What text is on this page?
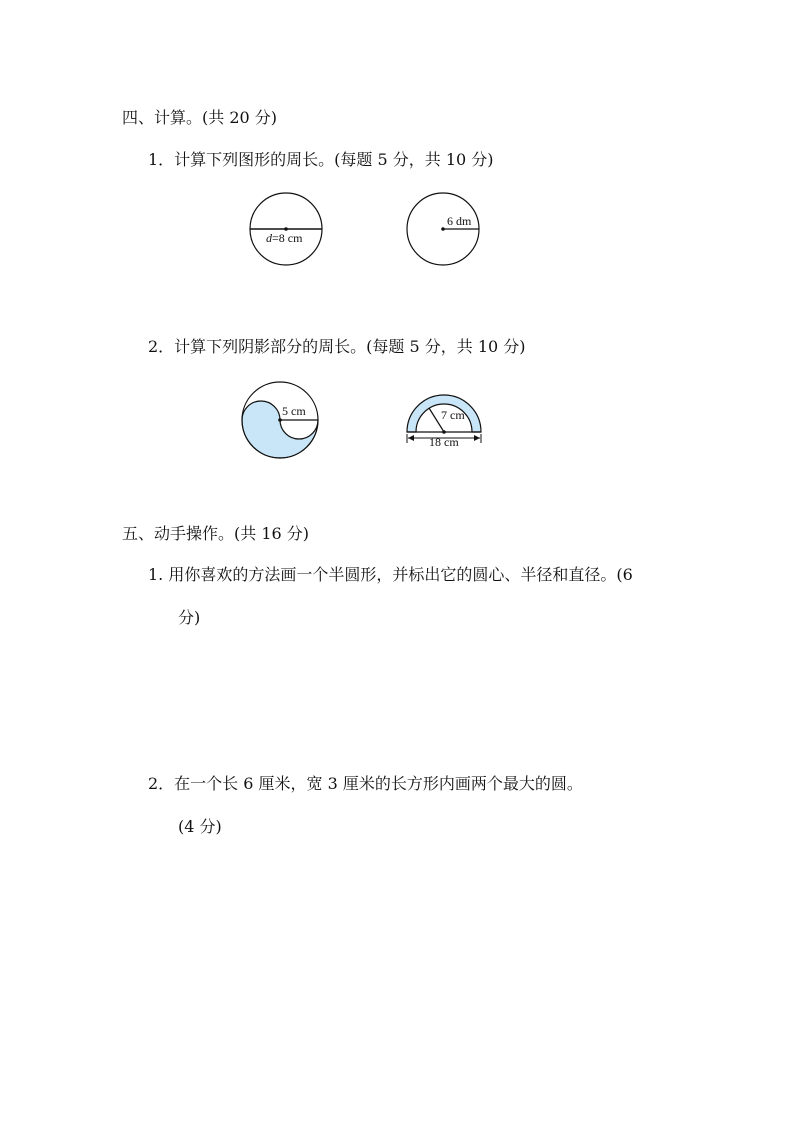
四、计算。(共 20 分)
1．计算下列图形的周长。(每题 5 分，共 10 分)
d=8 cm
6 dm
2．计算下列阴影部分的周长。(每题 5 分，共 10 分)
5 cm	7 cm
18 cm
五、动手操作。(共 16 分)
1. 用你喜欢的方法画一个半圆形，并标出它的圆心、半径和直径。(6
分)
2．在一个长 6 厘米，宽 3 厘米的长方形内画两个最大的圆。
(4 分)
